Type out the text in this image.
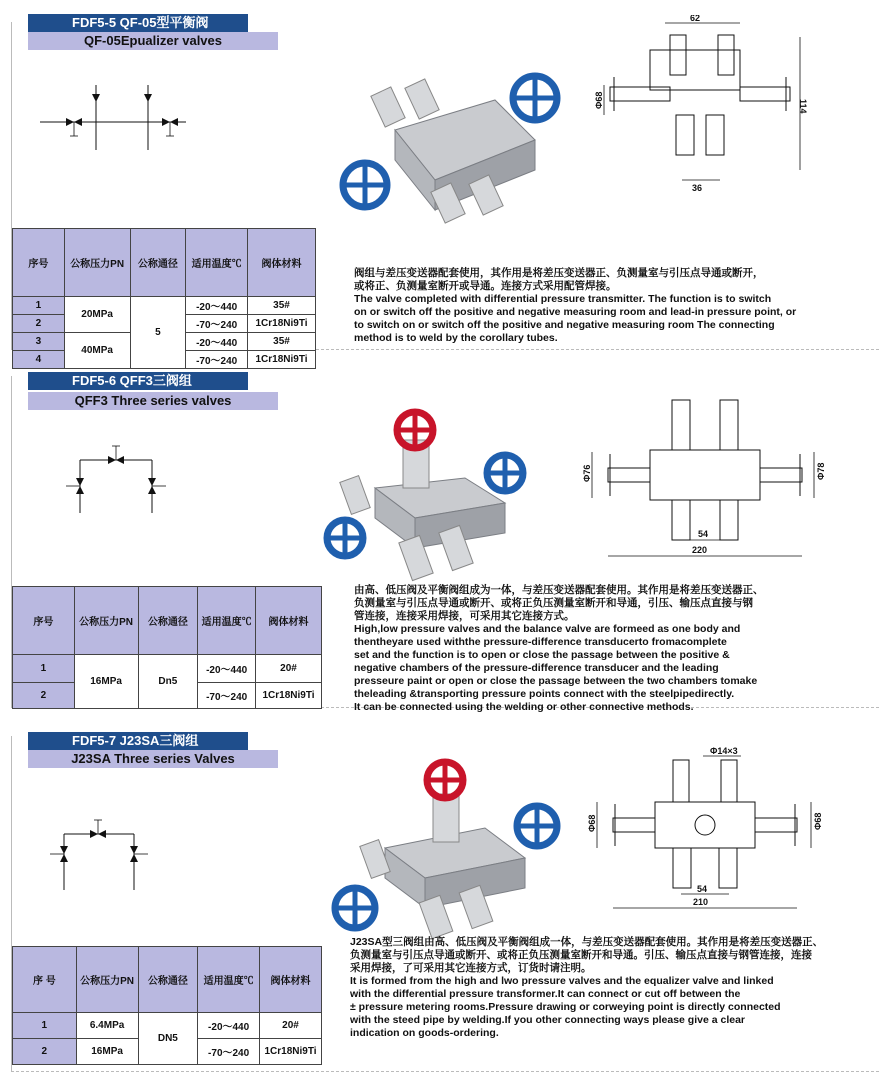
FDF5-5 QF-05型平衡阀
QF-05Epualizer valves
62
Φ68	114
36
序号	公称压力PN	公称通径	适用温度℃	阀体材料
1	20MPa	5	-20～440	35#
2			-70～240	1Cr18Ni9Ti
3	40MPa		-20～440	35#
4			-70～240	1Cr18Ni9Ti

阀组与差压变送器配套使用，其作用是将差压变送器正、负测量室与引压点导通或断开，

或将正、负测量室断开或导通。连接方式采用配管焊接。

The valve completed with differential pressure transmitter. The function is to switch

on or switch off the positive and negative measuring room and lead-in pressure point, or

to switch on or switch off the positive and negative measuring room The connecting

method is to weld by the corollary tubes.

FDF5-6 QFF3三阀组
QFF3 Three series valves
Φ76	Φ78
54
220
序号	公称压力PN	公称通径	适用温度℃	阀体材料
1	16MPa	Dn5	-20～440	20#
2			-70～240	1Cr18Ni9Ti

由高、低压阀及平衡阀组成为一体，与差压变送器配套使用。其作用是将差压变送器正、

负测量室与引压点导通或断开、或将正负压测量室断开和导通，引压、输压点直接与钢

管连接，连接采用焊接，可采用其它连接方式。

High,low pressure valves and the balance valve are formeed as one body and

thentheyare used withthe pressure-difference transducerto fromacomplete

set and the function is to open or close the passage between the positive &

negative chambers of the pressure-difference transducer and the leading

presseure paint or open or close the passage between the two chambers tomake

theleading &transporting pressure points connect with the steelpipedirectly.

It can be connected using the welding or other connective methods.

FDF5-7 J23SA三阀组
J23SA Three series Valves	Φ14×3
Φ68	Φ68
54
210
序 号	公称压力PN	公称通径	适用温度℃	阀体材料
1	6.4MPa	DN5	-20～440	20#
2	16MPa		-70～240	1Cr18Ni9Ti

J23SA型三阀组由高、低压阀及平衡阀组成一体，与差压变送器配套使用。其作用是将差压变送器正、

负测量室与引压点导通或断开、或将正负压测量室断开和导通。引压、输压点直接与钢管连接，连接

采用焊接，了可采用其它连接方式，订货时请注明。

It is formed from the high and lwo pressure valves and the equalizer valve and linked

with the differential pressure transformer.It can connect or cut off between the

± pressure metering rooms.Pressure drawing or corweying point is directly connected

with the steed pipe by welding.If you other connecting ways please give a clear

indication on goods-ordering.
